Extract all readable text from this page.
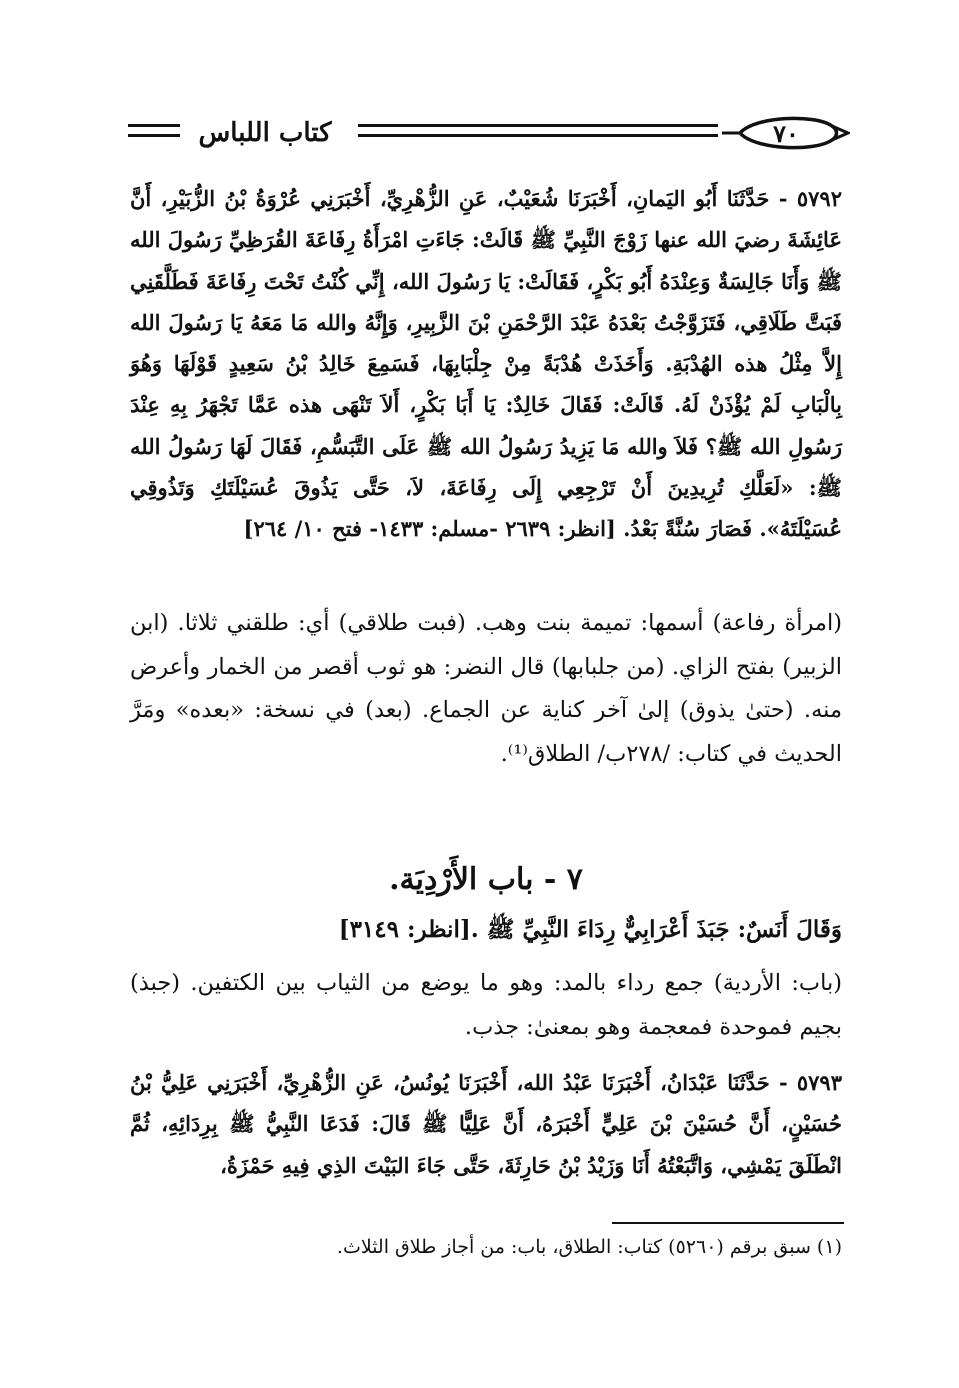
كتاب اللباس	٧٠

٥٧٩٢ - حَدَّثَنَا أَبُو اليَمانِ، أَخْبَرَنَا شُعَيْبٌ، عَنِ الزُّهْرِيِّ، أَخْبَرَنِي عُرْوَةُ بْنُ الزُّبَيْرِ، أَنَّ عَائِشَةَ رضيَ الله عنها زَوْجَ النَّبِيِّ ﷺ قَالَتْ: جَاءَتِ امْرَأَةُ رِفَاعَةَ القُرَظِيِّ رَسُولَ الله ﷺ وَأَنَا جَالِسَةٌ وَعِنْدَهُ أَبُو بَكْرٍ، فَقَالَتْ: يَا رَسُولَ الله، إِنِّي كُنْتُ تَحْتَ رِفَاعَةَ فَطَلَّقَنِي فَبَتَّ طَلَاقِي، فَتَزَوَّجْتُ بَعْدَهُ عَبْدَ الرَّحْمَنِ بْنَ الزَّبِيرِ، وَإِنَّهُ والله مَا مَعَهُ يَا رَسُولَ الله إِلاَّ مِثْلُ هذه الهُدْبَةِ. وَأَخَذَتْ هُدْبَةً مِنْ جِلْبَابِهَا، فَسَمِعَ خَالِدُ بْنُ سَعِيدٍ قَوْلَهَا وَهُوَ بِالْبَابِ لَمْ يُؤْذَنْ لَهُ. قَالَتْ: فَقَالَ خَالِدٌ: يَا أَبَا بَكْرٍ، أَلاَ تَنْهَى هذه عَمَّا تَجْهَرُ بِهِ عِنْدَ رَسُولِ الله ﷺ؟ فَلاَ والله مَا يَزِيدُ رَسُولُ الله ﷺ عَلَى التَّبَسُّمِ، فَقَالَ لَهَا رَسُولُ الله ﷺ: «لَعَلَّكِ تُرِيدِينَ أَنْ تَرْجِعِي إِلَى رِفَاعَةَ، لاَ، حَتَّى يَذُوقَ عُسَيْلَتَكِ وَتَذُوقِي عُسَيْلَتَهُ». فَصَارَ سُنَّةً بَعْدُ. [انظر: ٢٦٣٩ -مسلم: ١٤٣٣- فتح ١٠/ ٢٦٤]

(امرأة رفاعة) أسمها: تميمة بنت وهب. (فبت طلاقي) أي: طلقني ثلاثا. (ابن الزبير) بفتح الزاي. (من جلبابها) قال النضر: هو ثوب أقصر من الخمار وأعرض منه. (حتىٰ يذوق) إلىٰ آخر كناية عن الجماع. (بعد) في نسخة: «بعده» ومَرَّ الحديث في كتاب: /٢٧٨ب/ الطلاق⁽¹⁾.

٧ - باب الأَرْدِيَة.

وَقَالَ أَنَسٌ: جَبَذَ أَعْرَابِيٌّ رِدَاءَ النَّبِيِّ ﷺ .[انظر: ٣١٤٩]

(باب: الأردية) جمع رداء بالمد: وهو ما يوضع من الثياب بين الكتفين. (جبذ) بجيم فموحدة فمعجمة وهو بمعنىٰ: جذب.

٥٧٩٣ - حَدَّثَنَا عَبْدَانُ، أَخْبَرَنَا عَبْدُ الله، أَخْبَرَنَا يُونُسُ، عَنِ الزُّهْرِيِّ، أَخْبَرَنِي عَلِيُّ بْنُ حُسَيْنٍ، أَنَّ حُسَيْنَ بْنَ عَلِيٍّ أَخْبَرَهُ، أَنَّ عَلِيًّا ﷺ قَالَ: فَدَعَا النَّبِيُّ ﷺ بِرِدَائِهِ، ثُمَّ انْطَلَقَ يَمْشِي، وَاتَّبَعْتُهُ أَنَا وَزَيْدُ بْنُ حَارِثَةَ، حَتَّى جَاءَ البَيْتَ الذِي فِيهِ حَمْزَةُ،

(١) سبق برقم (٥٢٦٠) كتاب: الطلاق، باب: من أجاز طلاق الثلاث.
